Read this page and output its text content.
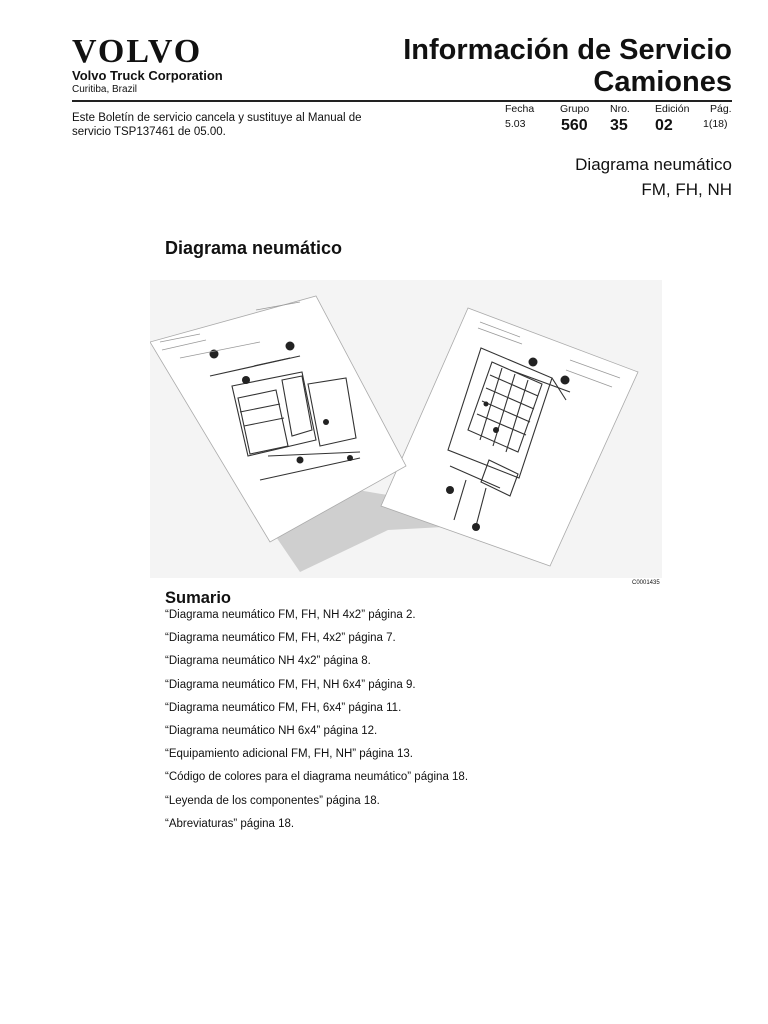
VOLVO
Volvo Truck Corporation
Curitiba, Brazil
Información de Servicio
Camiones
Este Boletín de servicio cancela y sustituye al Manual de servicio TSP137461 de 05.00.
Fecha
5.03
Grupo
560
Nro.
35
Edición
02
Pág.
1(18)
Diagrama neumático
FM, FH, NH
Diagrama neumático
C0001435
Sumario
“Diagrama neumático FM, FH, NH 4x2” página 2.
“Diagrama neumático FM, FH, 4x2” página 7.
“Diagrama neumático NH 4x2” página 8.
“Diagrama neumático FM, FH, NH 6x4” página 9.
“Diagrama neumático FM, FH, 6x4” página 11.
“Diagrama neumático NH 6x4” página 12.
“Equipamiento adicional FM, FH, NH” página 13.
“Código de colores para el diagrama neumático” página 18.
“Leyenda de los componentes” página 18.
“Abreviaturas” página 18.
